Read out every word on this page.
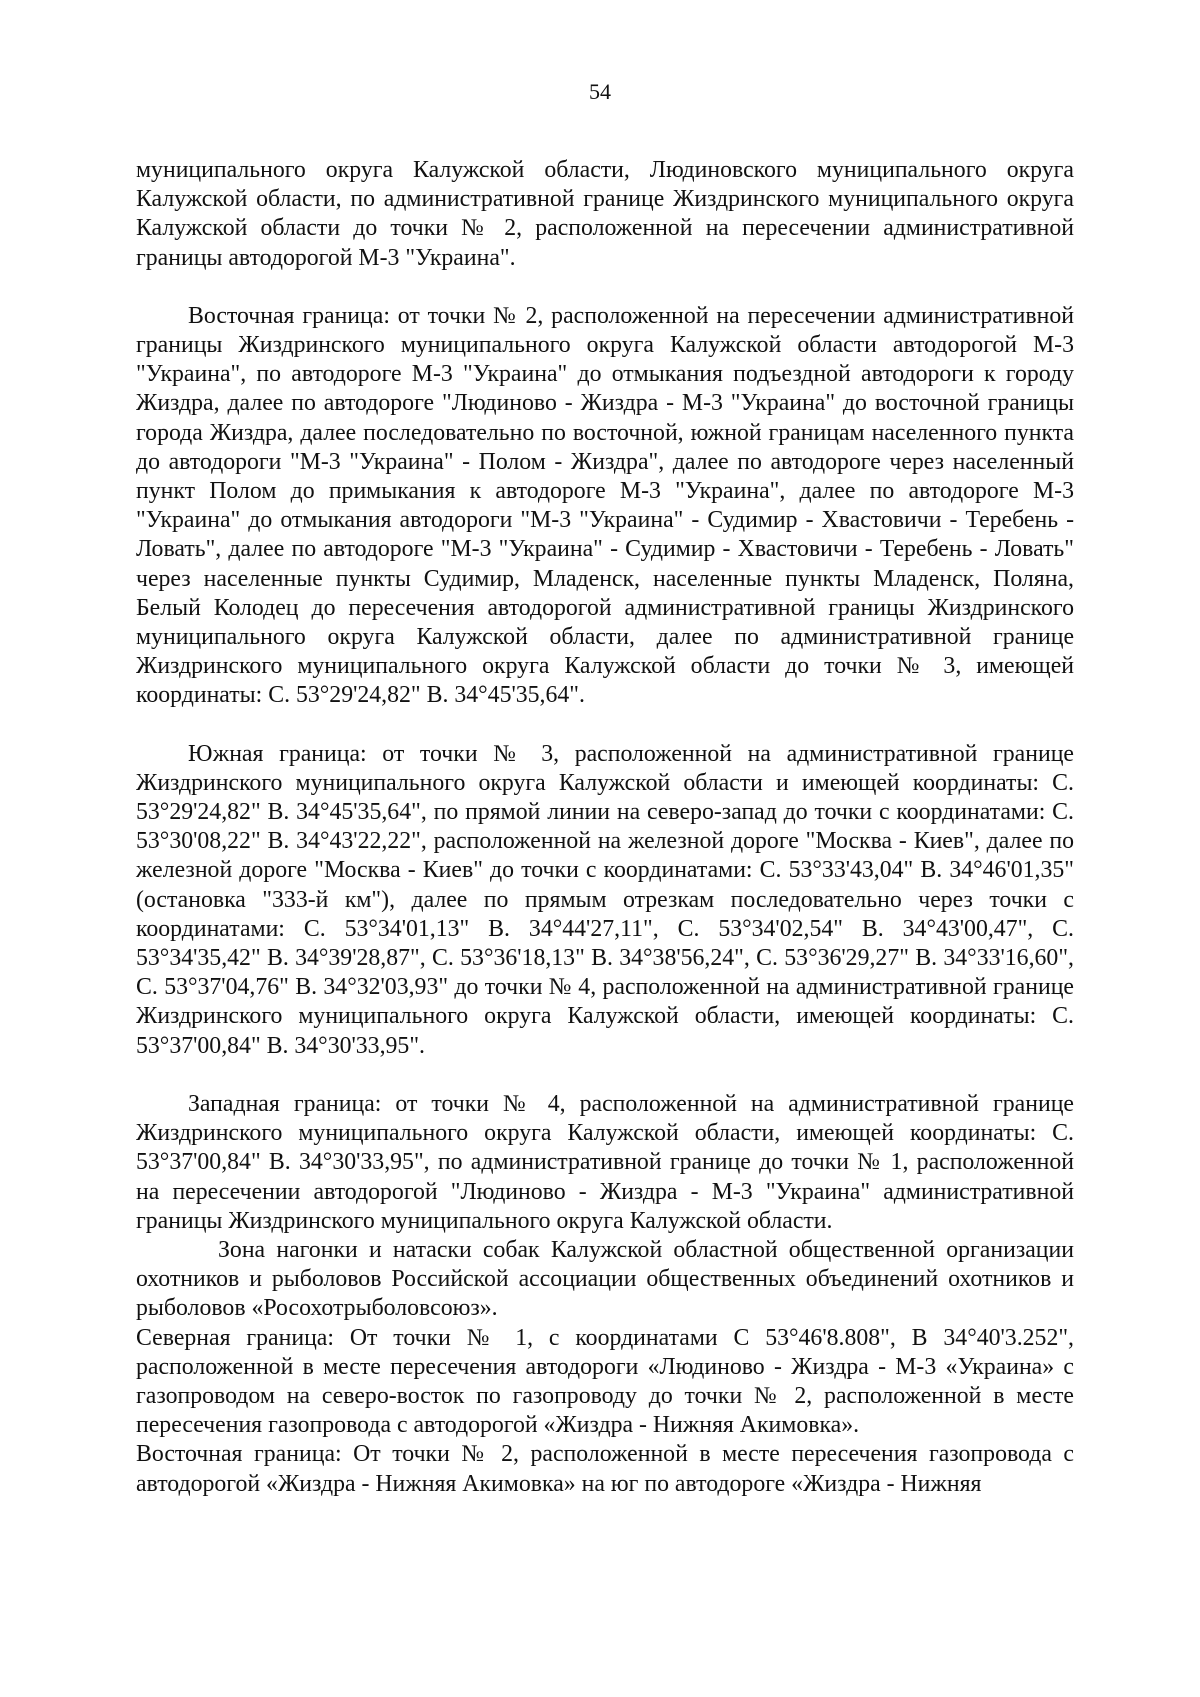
54

муниципального округа Калужской области, Людиновского муниципального округа Калужской области, по административной границе Жиздринского муниципального округа Калужской области до точки № 2, расположенной на пересечении административной границы автодорогой М-3 "Украина".

Восточная граница: от точки № 2, расположенной на пересечении административной границы Жиздринского муниципального округа Калужской области автодорогой М-3 "Украина", по автодороге М-3 "Украина" до отмыкания подъездной автодороги к городу Жиздра, далее по автодороге "Людиново - Жиздра - М-3 "Украина" до восточной границы города Жиздра, далее последовательно по восточной, южной границам населенного пункта до автодороги "М-3 "Украина" - Полом - Жиздра", далее по автодороге через населенный пункт Полом до примыкания к автодороге М-3 "Украина", далее по автодороге М-3 "Украина" до отмыкания автодороги "М-3 "Украина" - Судимир - Хвастовичи - Теребень - Ловать", далее по автодороге "М-3 "Украина" - Судимир - Хвастовичи - Теребень - Ловать" через населенные пункты Судимир, Младенск, населенные пункты Младенск, Поляна, Белый Колодец до пересечения автодорогой административной границы Жиздринского муниципального округа Калужской области, далее по административной границе Жиздринского муниципального округа Калужской области до точки № 3, имеющей координаты: С. 53°29'24,82" В. 34°45'35,64".

Южная граница: от точки № 3, расположенной на административной границе Жиздринского муниципального округа Калужской области и имеющей координаты: С. 53°29'24,82" В. 34°45'35,64", по прямой линии на северо-запад до точки с координатами: С. 53°30'08,22" В. 34°43'22,22", расположенной на железной дороге "Москва - Киев", далее по железной дороге "Москва - Киев" до точки с координатами: С. 53°33'43,04" В. 34°46'01,35" (остановка "333-й км"), далее по прямым отрезкам последовательно через точки с координатами: С. 53°34'01,13" В. 34°44'27,11", С. 53°34'02,54" В. 34°43'00,47", С. 53°34'35,42" В. 34°39'28,87", С. 53°36'18,13" В. 34°38'56,24", С. 53°36'29,27" В. 34°33'16,60", С. 53°37'04,76" В. 34°32'03,93" до точки № 4, расположенной на административной границе Жиздринского муниципального округа Калужской области, имеющей координаты: С. 53°37'00,84" В. 34°30'33,95".

Западная граница: от точки № 4, расположенной на административной границе Жиздринского муниципального округа Калужской области, имеющей координаты: С. 53°37'00,84" В. 34°30'33,95", по административной границе до точки № 1, расположенной на пересечении автодорогой "Людиново - Жиздра - М-3 "Украина" административной границы Жиздринского муниципального округа Калужской области.

Зона нагонки и натаски собак Калужской областной общественной организации охотников и рыболовов Российской ассоциации общественных объединений охотников и рыболовов «Росохотрыболовсоюз».

Северная граница: От точки № 1, с координатами С 53°46'8.808", В 34°40'3.252", расположенной в месте пересечения автодороги «Людиново - Жиздра - М-3 «Украина» с газопроводом на северо-восток по газопроводу до точки № 2, расположенной в месте пересечения газопровода с автодорогой «Жиздра - Нижняя Акимовка».

Восточная граница: От точки № 2, расположенной в месте пересечения газопровода с автодорогой «Жиздра - Нижняя Акимовка» на юг по автодороге «Жиздра - Нижняя
